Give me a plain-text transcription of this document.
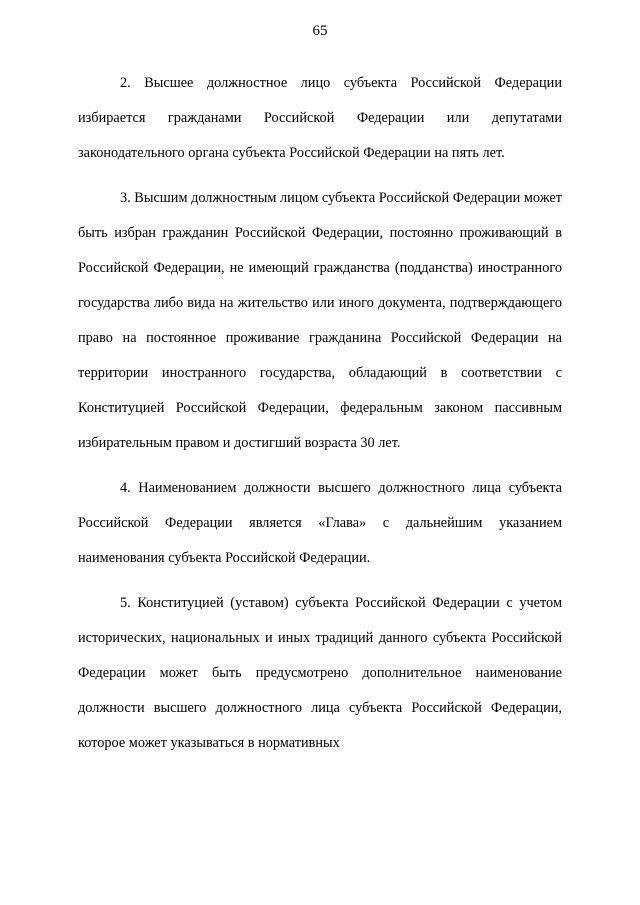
65

2. Высшее должностное лицо субъекта Российской Федерации избирается гражданами Российской Федерации или депутатами законодательного органа субъекта Российской Федерации на пять лет.

3. Высшим должностным лицом субъекта Российской Федерации может быть избран гражданин Российской Федерации, постоянно проживающий в Российской Федерации, не имеющий гражданства (подданства) иностранного государства либо вида на жительство или иного документа, подтверждающего право на постоянное проживание гражданина Российской Федерации на территории иностранного государства, обладающий в соответствии с Конституцией Российской Федерации, федеральным законом пассивным избирательным правом и достигший возраста 30 лет.

4. Наименованием должности высшего должностного лица субъекта Российской Федерации является «Глава» с дальнейшим указанием наименования субъекта Российской Федерации.

5. Конституцией (уставом) субъекта Российской Федерации с учетом исторических, национальных и иных традиций данного субъекта Российской Федерации может быть предусмотрено дополнительное наименование должности высшего должностного лица субъекта Российской Федерации, которое может указываться в нормативных
